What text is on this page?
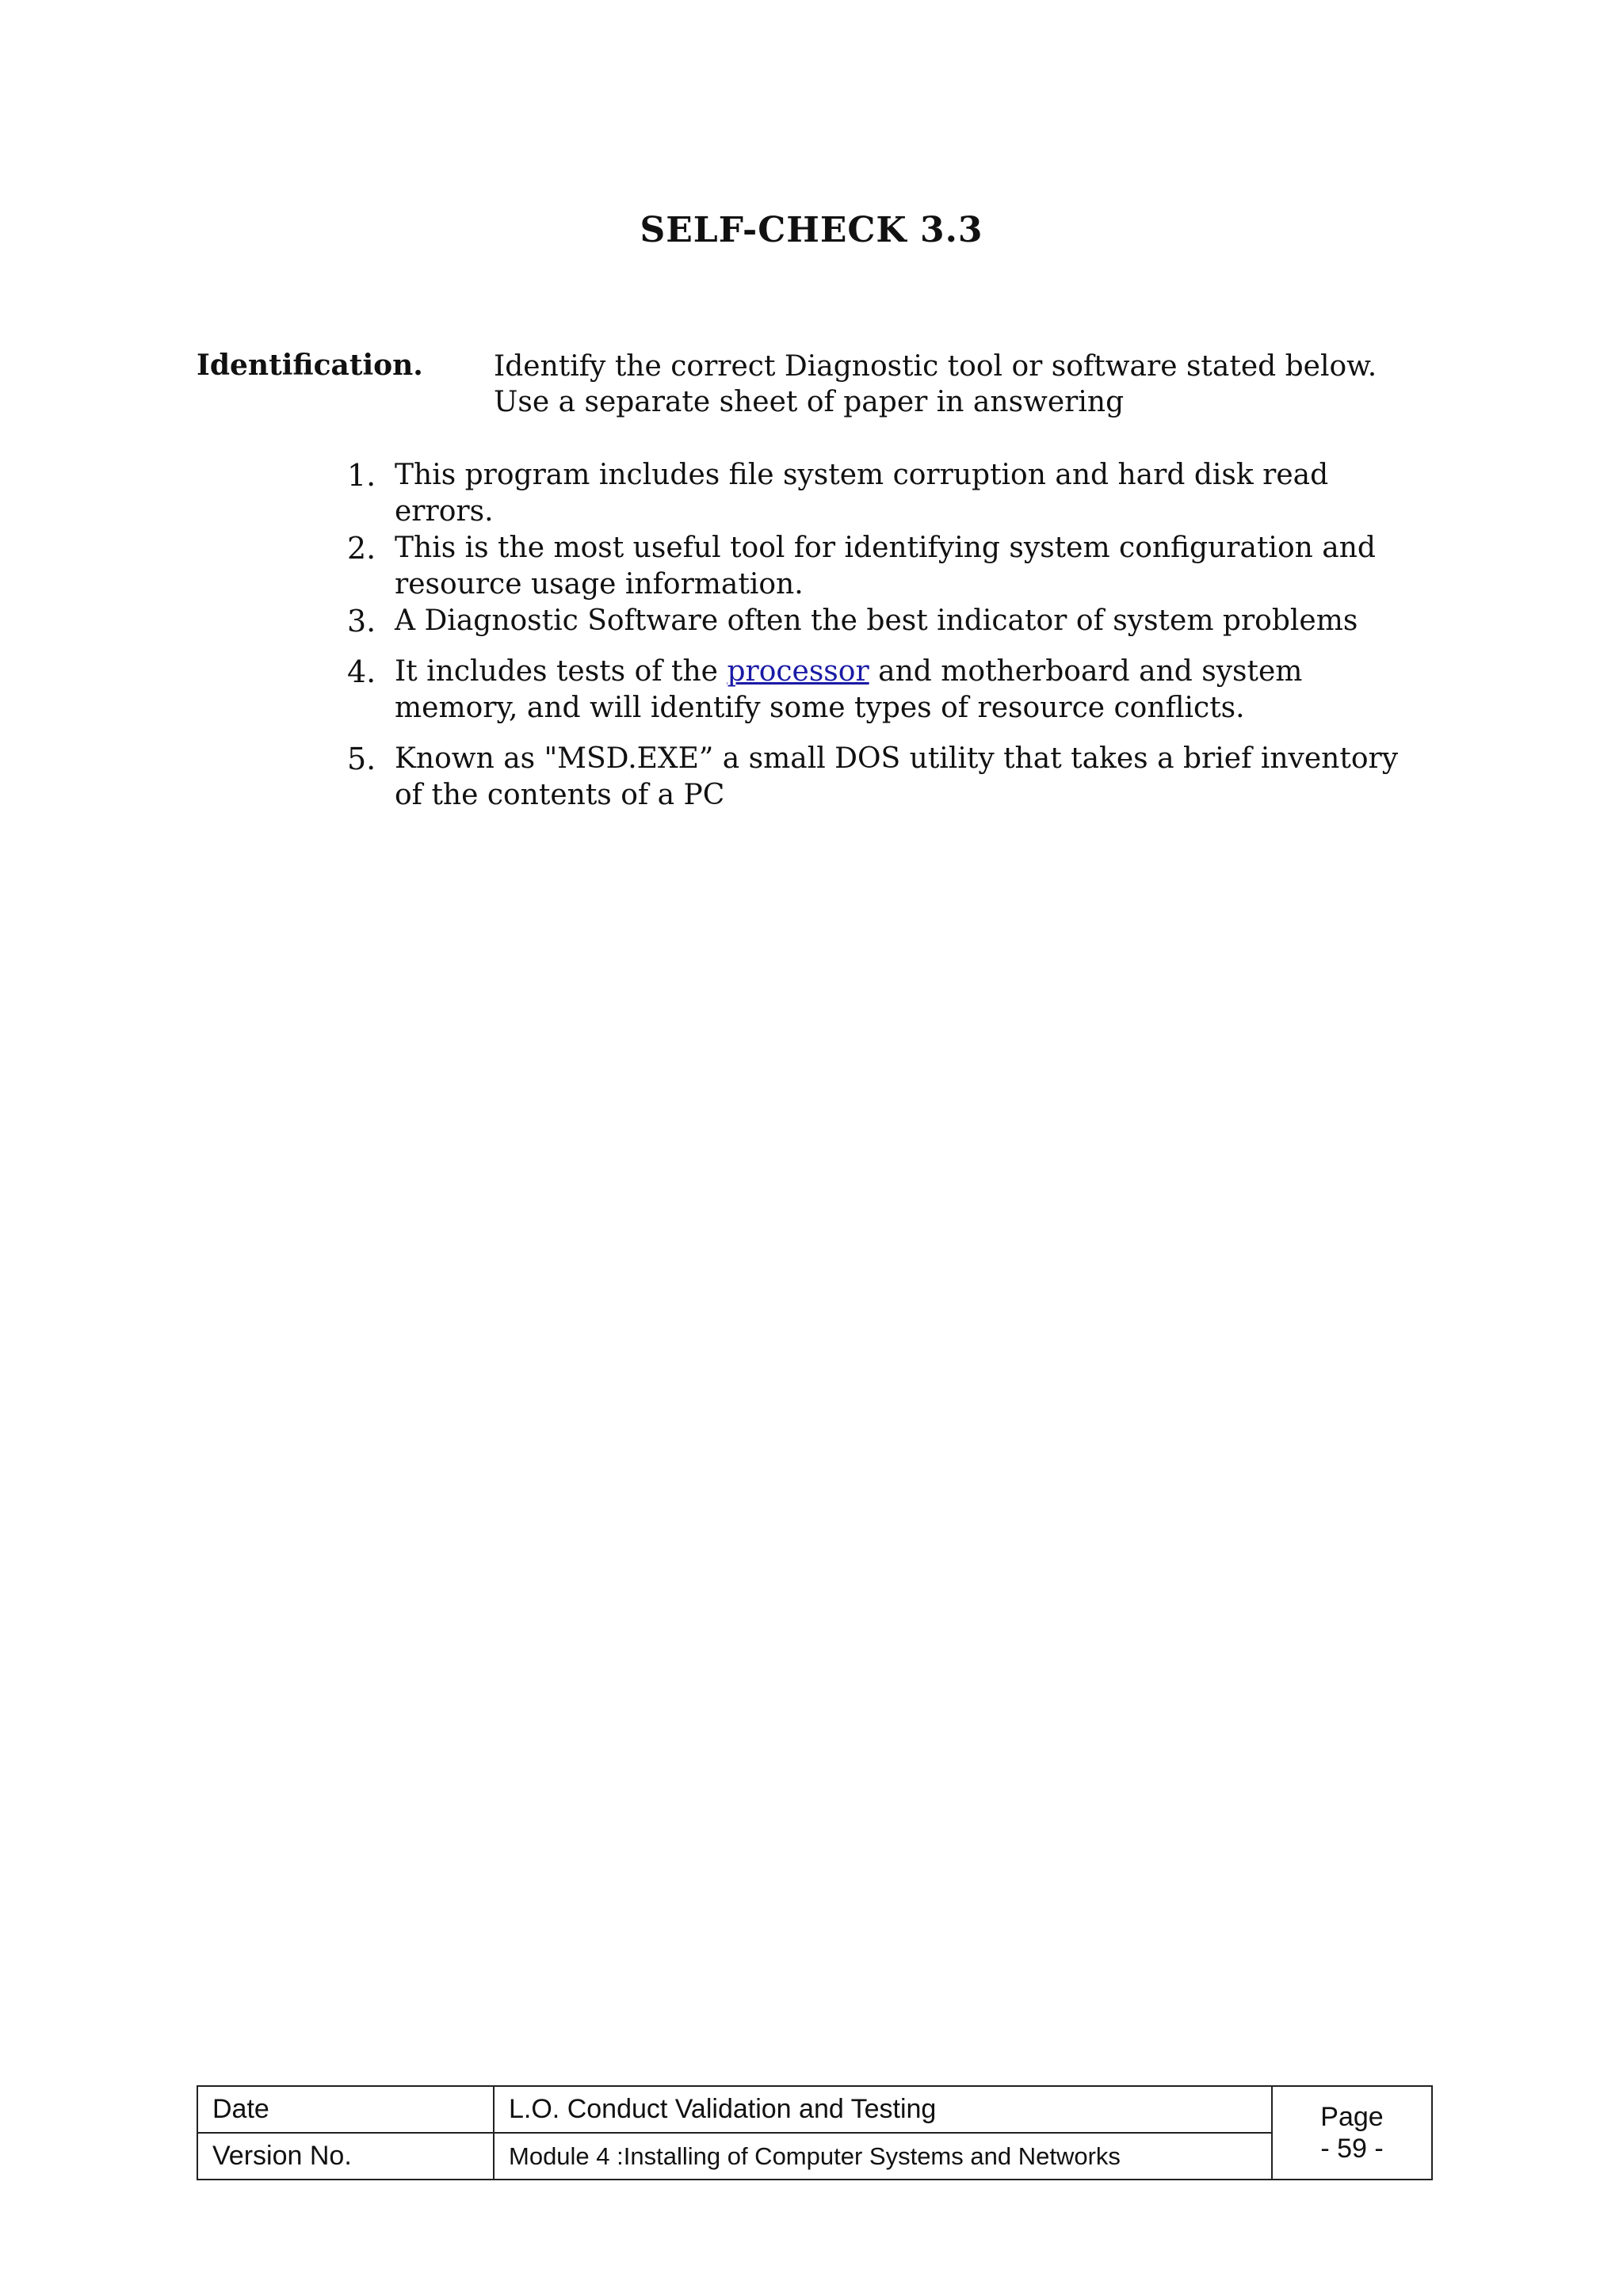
SELF-CHECK 3.3
Identification. Identify the correct Diagnostic tool or software stated below.
Use a separate sheet of paper in answering
1. This program includes file system corruption and hard disk read
errors.
2. This is the most useful tool for identifying system configuration and
resource usage information.
3. A Diagnostic Software often the best indicator of system problems
4. It includes tests of the processor and motherboard and system
memory, and will identify some types of resource conflicts.
5. Known as "MSD.EXE” a small DOS utility that takes a brief inventory
of the contents of a PC
Date	L.O. Conduct Validation and Testing	Page
- 59 -

Version No.	Module 4 :Installing of Computer Systems and Networks	
